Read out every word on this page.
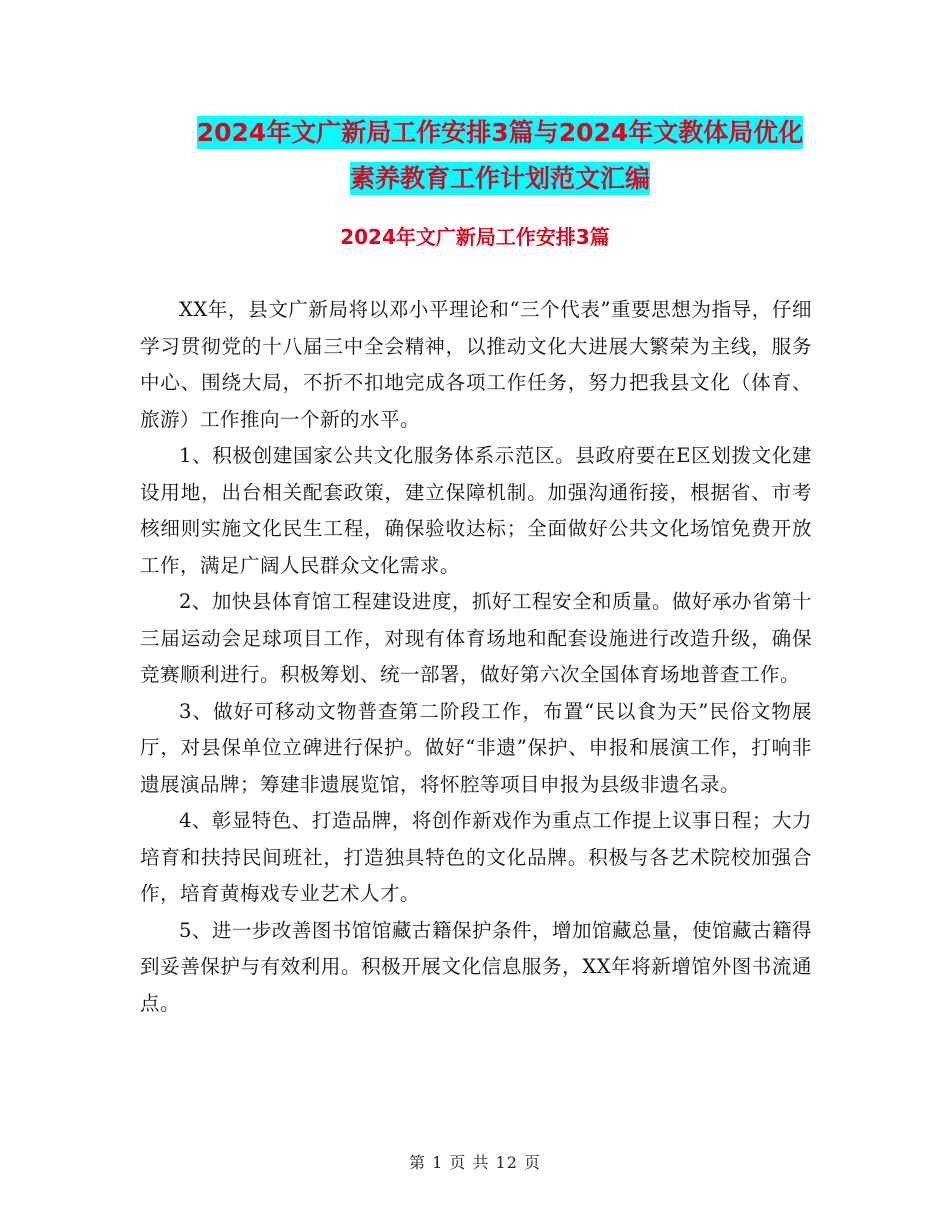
2024年文广新局工作安排3篇与2024年文教体局优化
素养教育工作计划范文汇编
2024年文广新局工作安排3篇

XX年，县文广新局将以邓小平理论和“三个代表”重要思想为指导，仔细学习贯彻党的十八届三中全会精神，以推动文化大进展大繁荣为主线，服务中心、围绕大局，不折不扣地完成各项工作任务，努力把我县文化（体育、旅游）工作推向一个新的水平。

1、积极创建国家公共文化服务体系示范区。县政府要在E区划拨文化建设用地，出台相关配套政策，建立保障机制。加强沟通衔接，根据省、市考核细则实施文化民生工程，确保验收达标；全面做好公共文化场馆免费开放工作，满足广阔人民群众文化需求。

2、加快县体育馆工程建设进度，抓好工程安全和质量。做好承办省第十三届运动会足球项目工作，对现有体育场地和配套设施进行改造升级，确保竞赛顺利进行。积极筹划、统一部署，做好第六次全国体育场地普查工作。

3、做好可移动文物普查第二阶段工作，布置“民以食为天”民俗文物展厅，对县保单位立碑进行保护。做好“非遗”保护、申报和展演工作，打响非遗展演品牌；筹建非遗展览馆，将怀腔等项目申报为县级非遗名录。

4、彰显特色、打造品牌，将创作新戏作为重点工作提上议事日程；大力培育和扶持民间班社，打造独具特色的文化品牌。积极与各艺术院校加强合作，培育黄梅戏专业艺术人才。

5、进一步改善图书馆馆藏古籍保护条件，增加馆藏总量，使馆藏古籍得到妥善保护与有效利用。积极开展文化信息服务，XX年将新增馆外图书流通点。

第 1 页 共 12 页
